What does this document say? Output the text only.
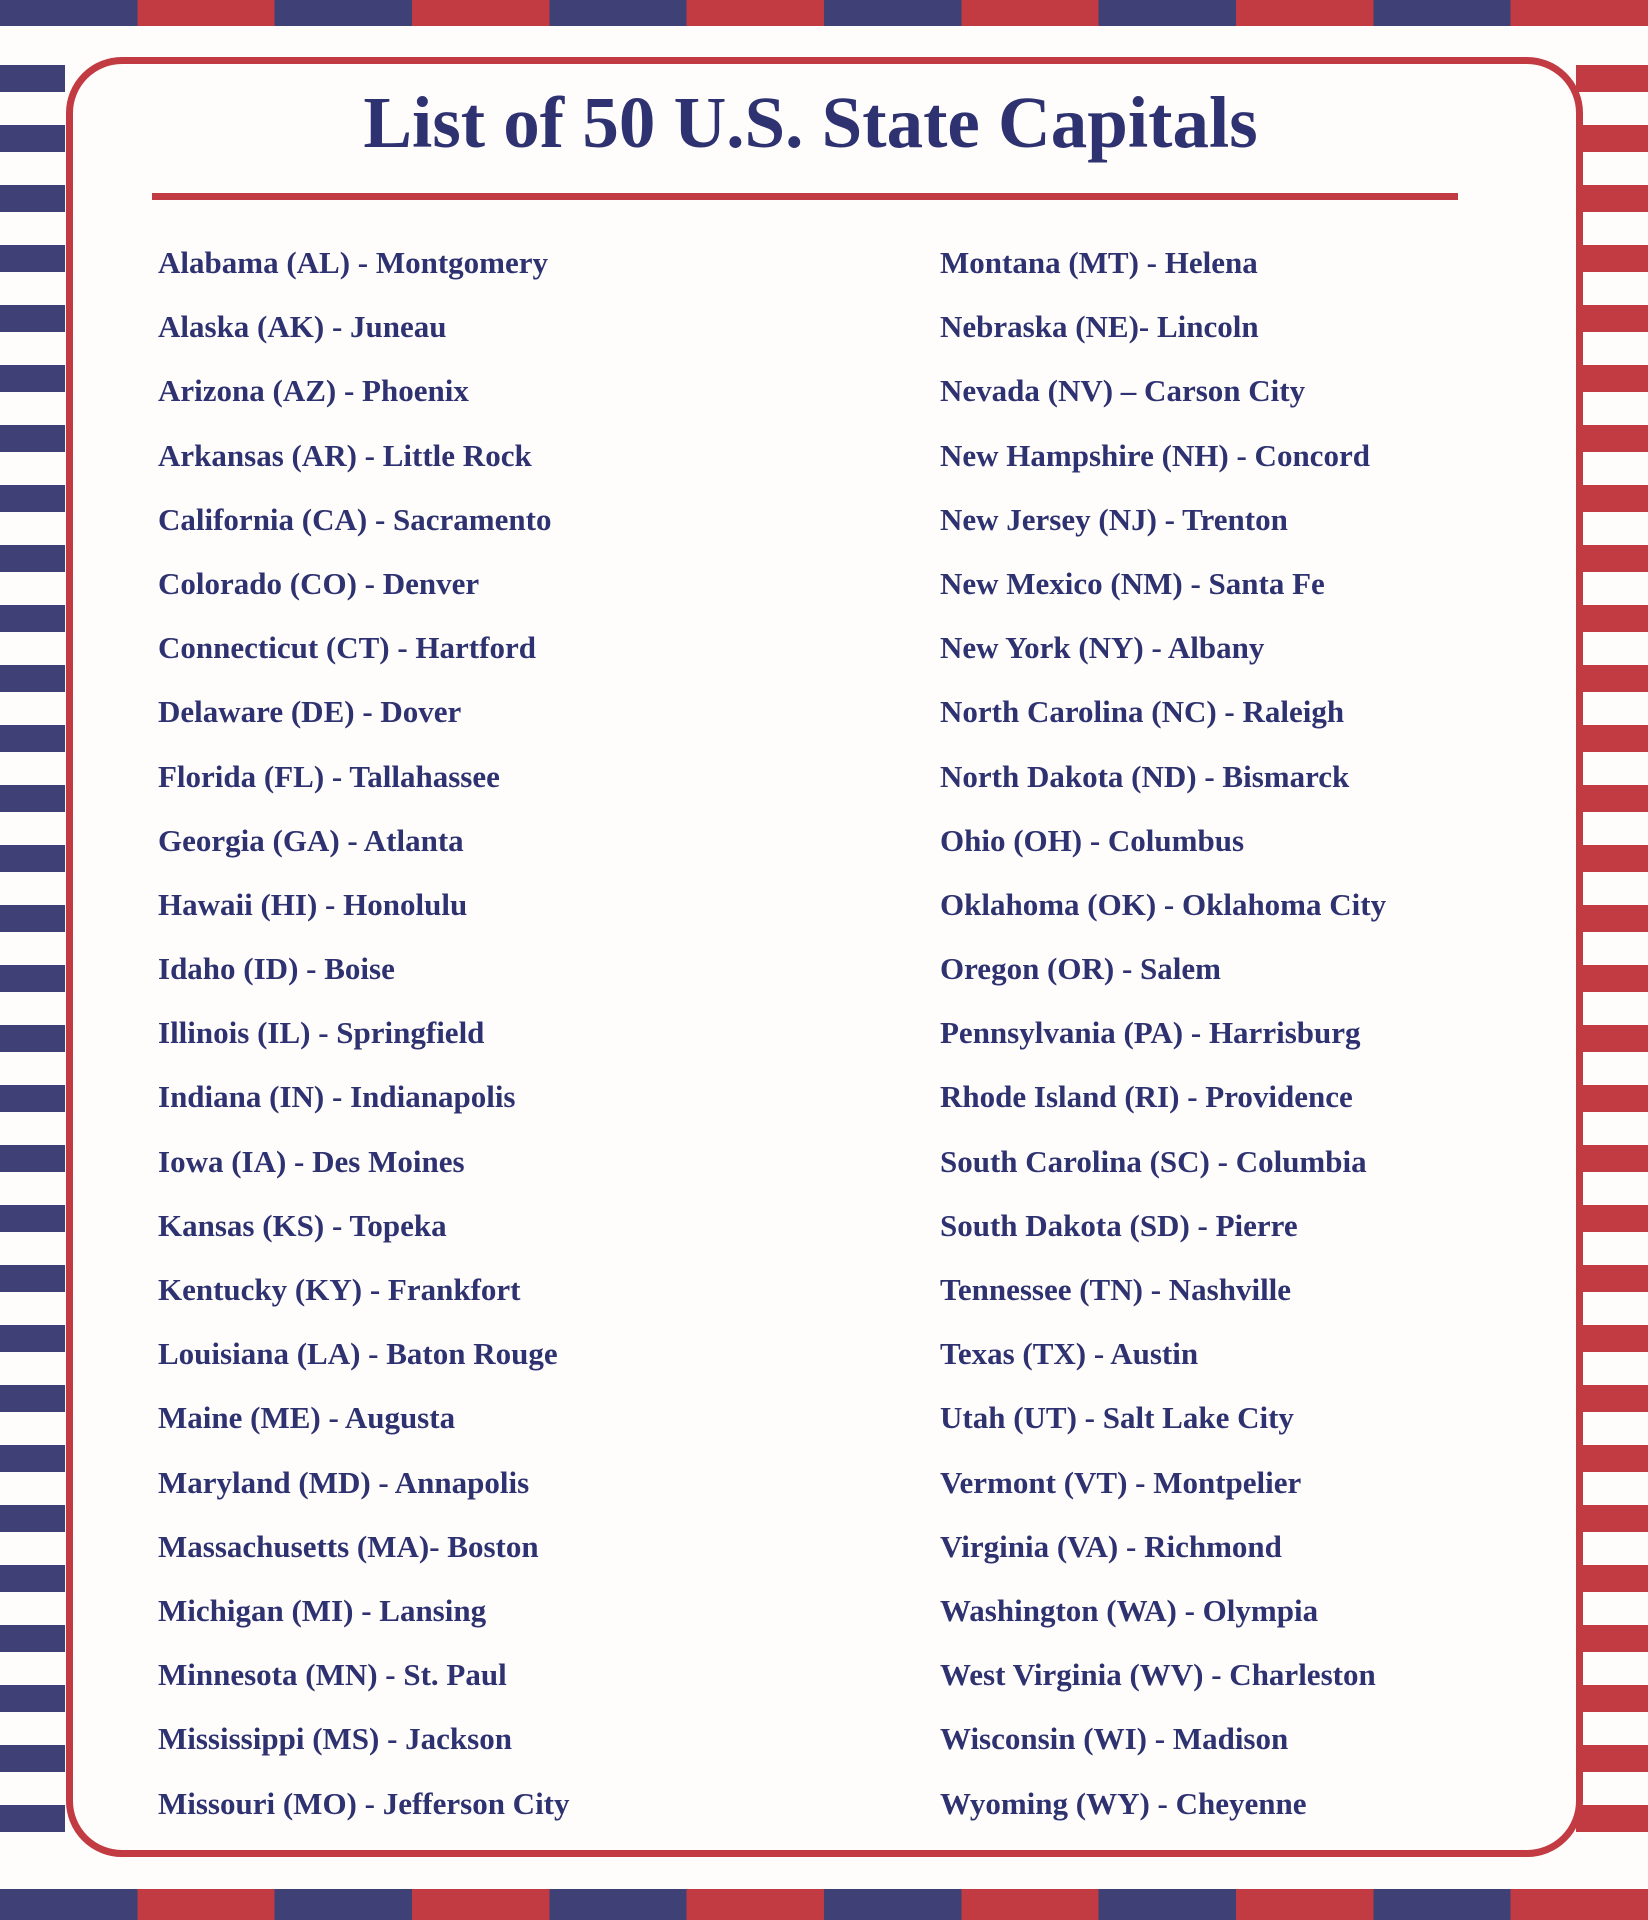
List of 50 U.S. State Capitals
Alabama (AL) - Montgomery
Alaska (AK) - Juneau
Arizona (AZ) - Phoenix
Arkansas (AR) - Little Rock
California (CA) - Sacramento
Colorado (CO) - Denver
Connecticut (CT) - Hartford
Delaware (DE) - Dover
Florida (FL) - Tallahassee
Georgia (GA) - Atlanta
Hawaii (HI) - Honolulu
Idaho (ID) - Boise
Illinois (IL) - Springfield
Indiana (IN) - Indianapolis
Iowa (IA) - Des Moines
Kansas (KS) - Topeka
Kentucky (KY) - Frankfort
Louisiana (LA) - Baton Rouge
Maine (ME) - Augusta
Maryland (MD) - Annapolis
Massachusetts (MA)- Boston
Michigan (MI) - Lansing
Minnesota (MN) - St. Paul
Mississippi (MS) - Jackson
Missouri (MO) - Jefferson City
Montana (MT) - Helena
Nebraska (NE)- Lincoln
Nevada (NV) – Carson City
New Hampshire (NH) - Concord
New Jersey (NJ) - Trenton
New Mexico (NM) - Santa Fe
New York (NY) - Albany
North Carolina (NC) - Raleigh
North Dakota (ND) - Bismarck
Ohio (OH) - Columbus
Oklahoma (OK) - Oklahoma City
Oregon (OR) - Salem
Pennsylvania (PA) - Harrisburg
Rhode Island (RI) - Providence
South Carolina (SC) - Columbia
South Dakota (SD) - Pierre
Tennessee (TN) - Nashville
Texas (TX) - Austin
Utah (UT) - Salt Lake City
Vermont (VT) - Montpelier
Virginia (VA) - Richmond
Washington (WA) - Olympia
West Virginia (WV) - Charleston
Wisconsin (WI) - Madison
Wyoming (WY) - Cheyenne
